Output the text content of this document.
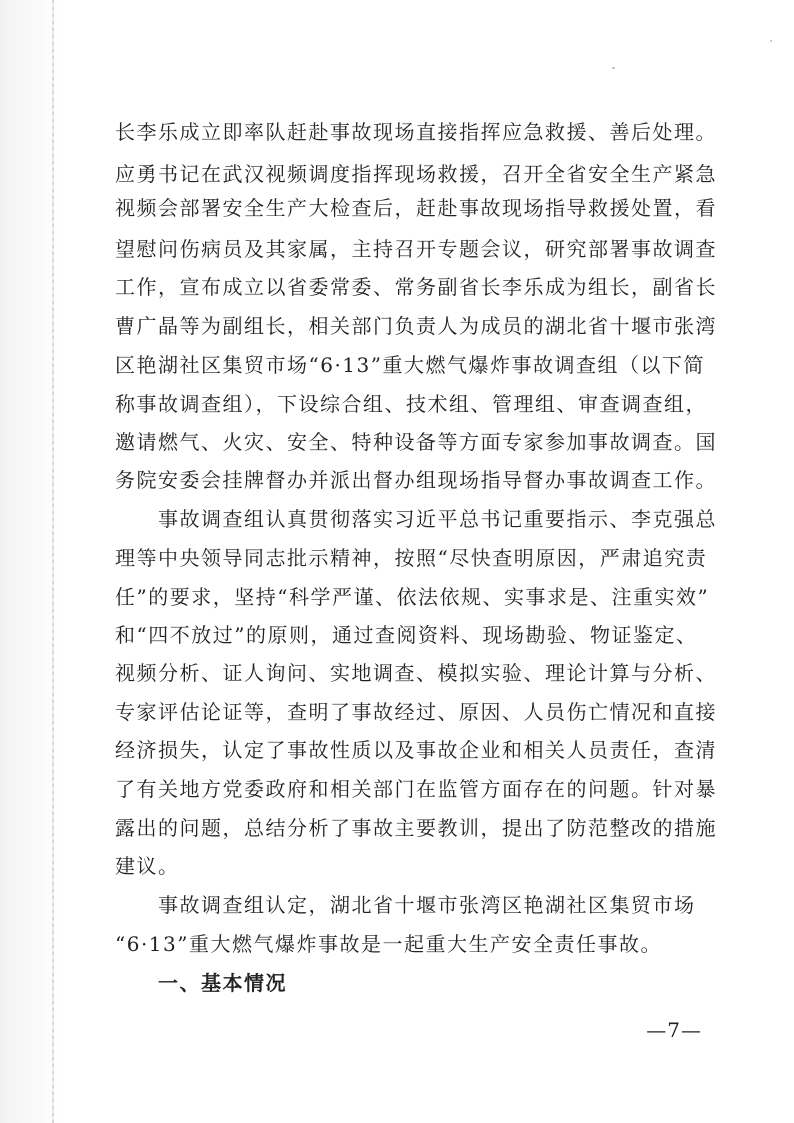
长李乐成立即率队赶赴事故现场直接指挥应急救援、善后处理。
应勇书记在武汉视频调度指挥现场救援，召开全省安全生产紧急
视频会部署安全生产大检查后，赶赴事故现场指导救援处置，看
望慰问伤病员及其家属，主持召开专题会议，研究部署事故调查
工作，宣布成立以省委常委、常务副省长李乐成为组长，副省长
曹广晶等为副组长，相关部门负责人为成员的湖北省十堰市张湾
区艳湖社区集贸市场“6·13”重大燃气爆炸事故调查组（以下简
称事故调查组），下设综合组、技术组、管理组、审查调查组，
邀请燃气、火灾、安全、特种设备等方面专家参加事故调查。国
务院安委会挂牌督办并派出督办组现场指导督办事故调查工作。
　　事故调查组认真贯彻落实习近平总书记重要指示、李克强总
理等中央领导同志批示精神，按照“尽快查明原因，严肃追究责
任”的要求，坚持“科学严谨、依法依规、实事求是、注重实效”
和“四不放过”的原则，通过查阅资料、现场勘验、物证鉴定、
视频分析、证人询问、实地调查、模拟实验、理论计算与分析、
专家评估论证等，查明了事故经过、原因、人员伤亡情况和直接
经济损失，认定了事故性质以及事故企业和相关人员责任，查清
了有关地方党委政府和相关部门在监管方面存在的问题。针对暴
露出的问题，总结分析了事故主要教训，提出了防范整改的措施
建议。
　　事故调查组认定，湖北省十堰市张湾区艳湖社区集贸市场
“6·13”重大燃气爆炸事故是一起重大生产安全责任事故。
　　一、基本情况
—7—
